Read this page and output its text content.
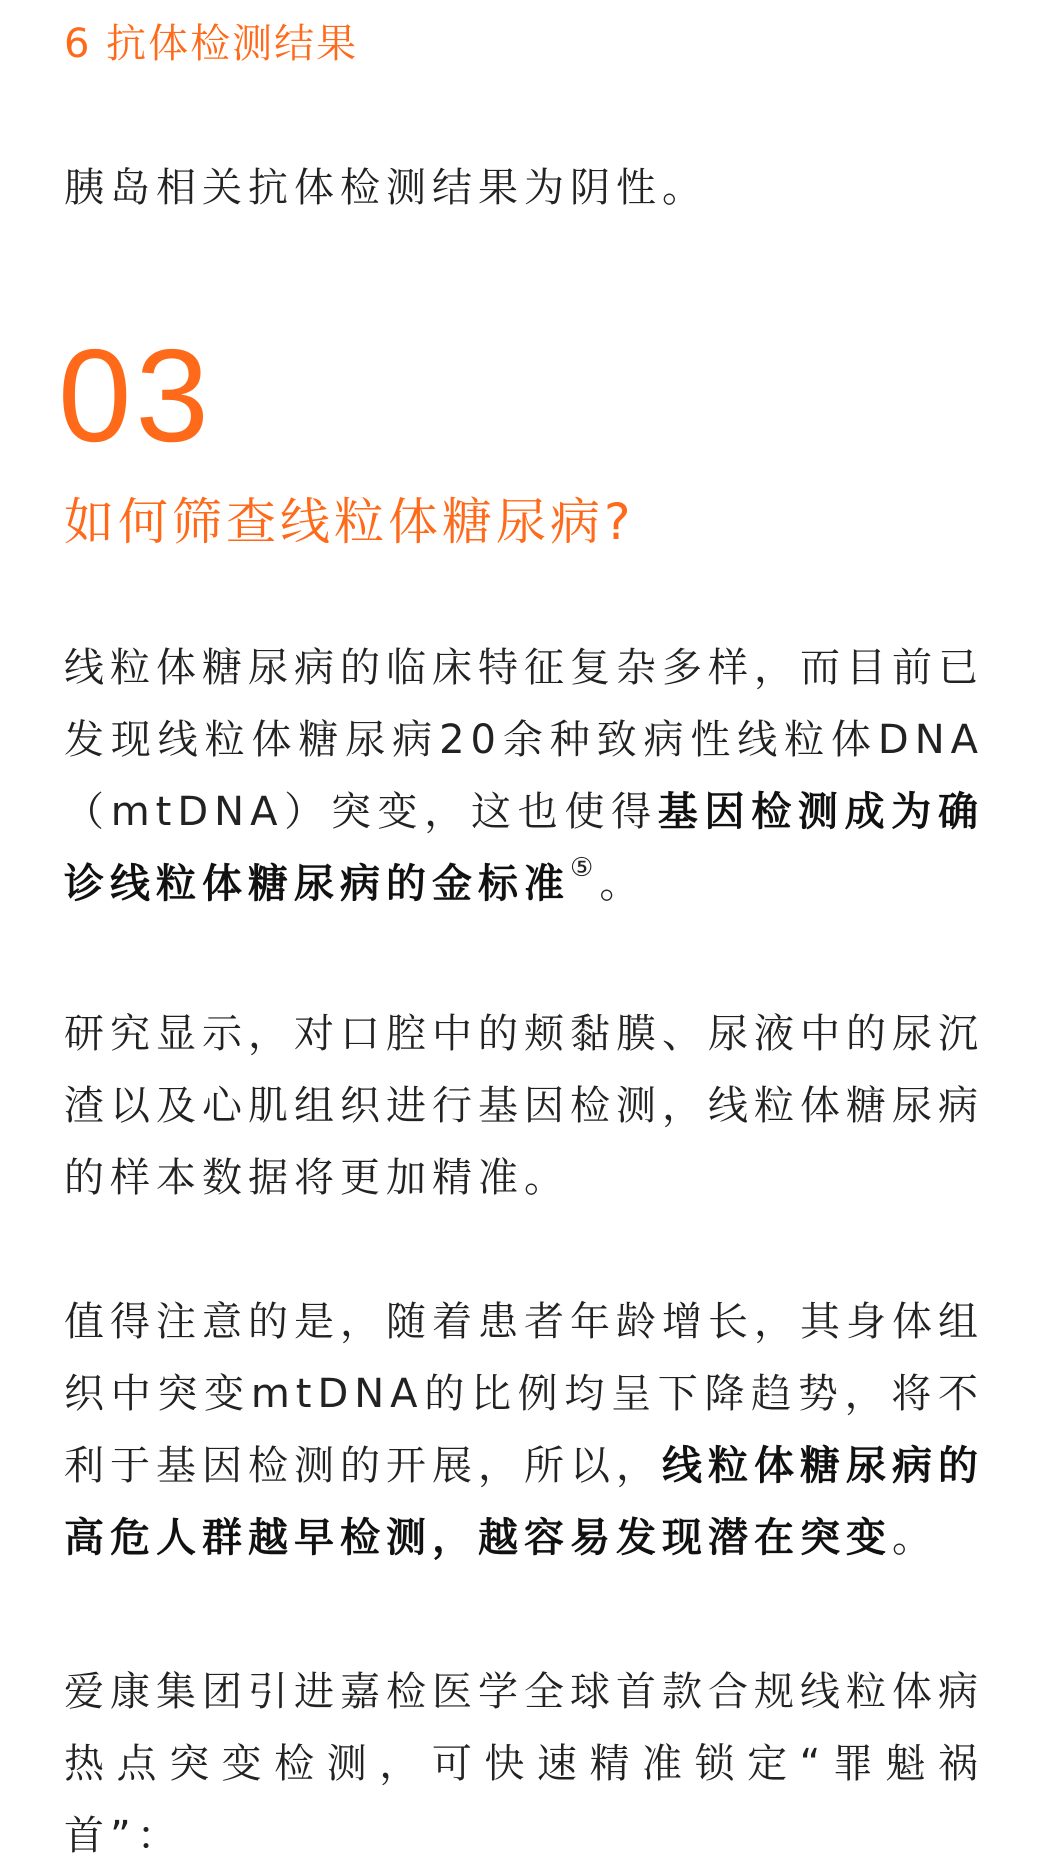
6 抗体检测结果
胰岛相关抗体检测结果为阴性。
03
如何筛查线粒体糖尿病?
线粒体糖尿病的临床特征复杂多样，而目前已发现线粒体糖尿病20余种致病性线粒体DNA（mtDNA）突变，这也使得基因检测成为确诊线粒体糖尿病的金标准⑤。
研究显示，对口腔中的颊黏膜、尿液中的尿沉渣以及心肌组织进行基因检测，线粒体糖尿病的样本数据将更加精准。
值得注意的是，随着患者年龄增长，其身体组织中突变mtDNA的比例均呈下降趋势，将不利于基因检测的开展，所以，线粒体糖尿病的高危人群越早检测，越容易发现潜在突变。
爱康集团引进嘉检医学全球首款合规线粒体病热点突变检测，可快速精准锁定“罪魁祸首”：
